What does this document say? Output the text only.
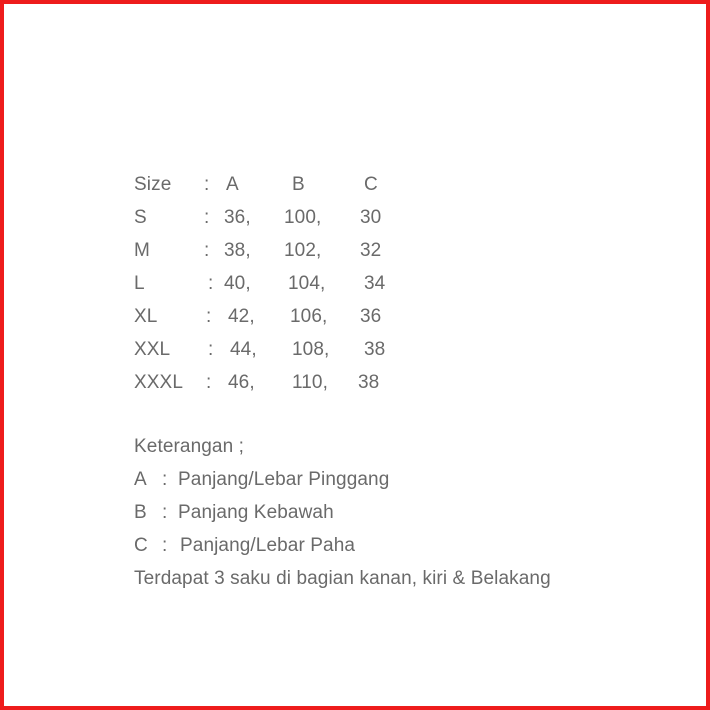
Size : A	B	C
S	: 36, 100, 30
M	: 38, 102, 32
L	: 40, 104, 34
XL	: 42, 106, 36
XXL : 44, 108, 38
XXXL : 46, 110, 38
Keterangan ;
A : Panjang/Lebar Pinggang
B : Panjang Kebawah
C : Panjang/Lebar Paha
Terdapat 3 saku di bagian kanan, kiri & Belakang
